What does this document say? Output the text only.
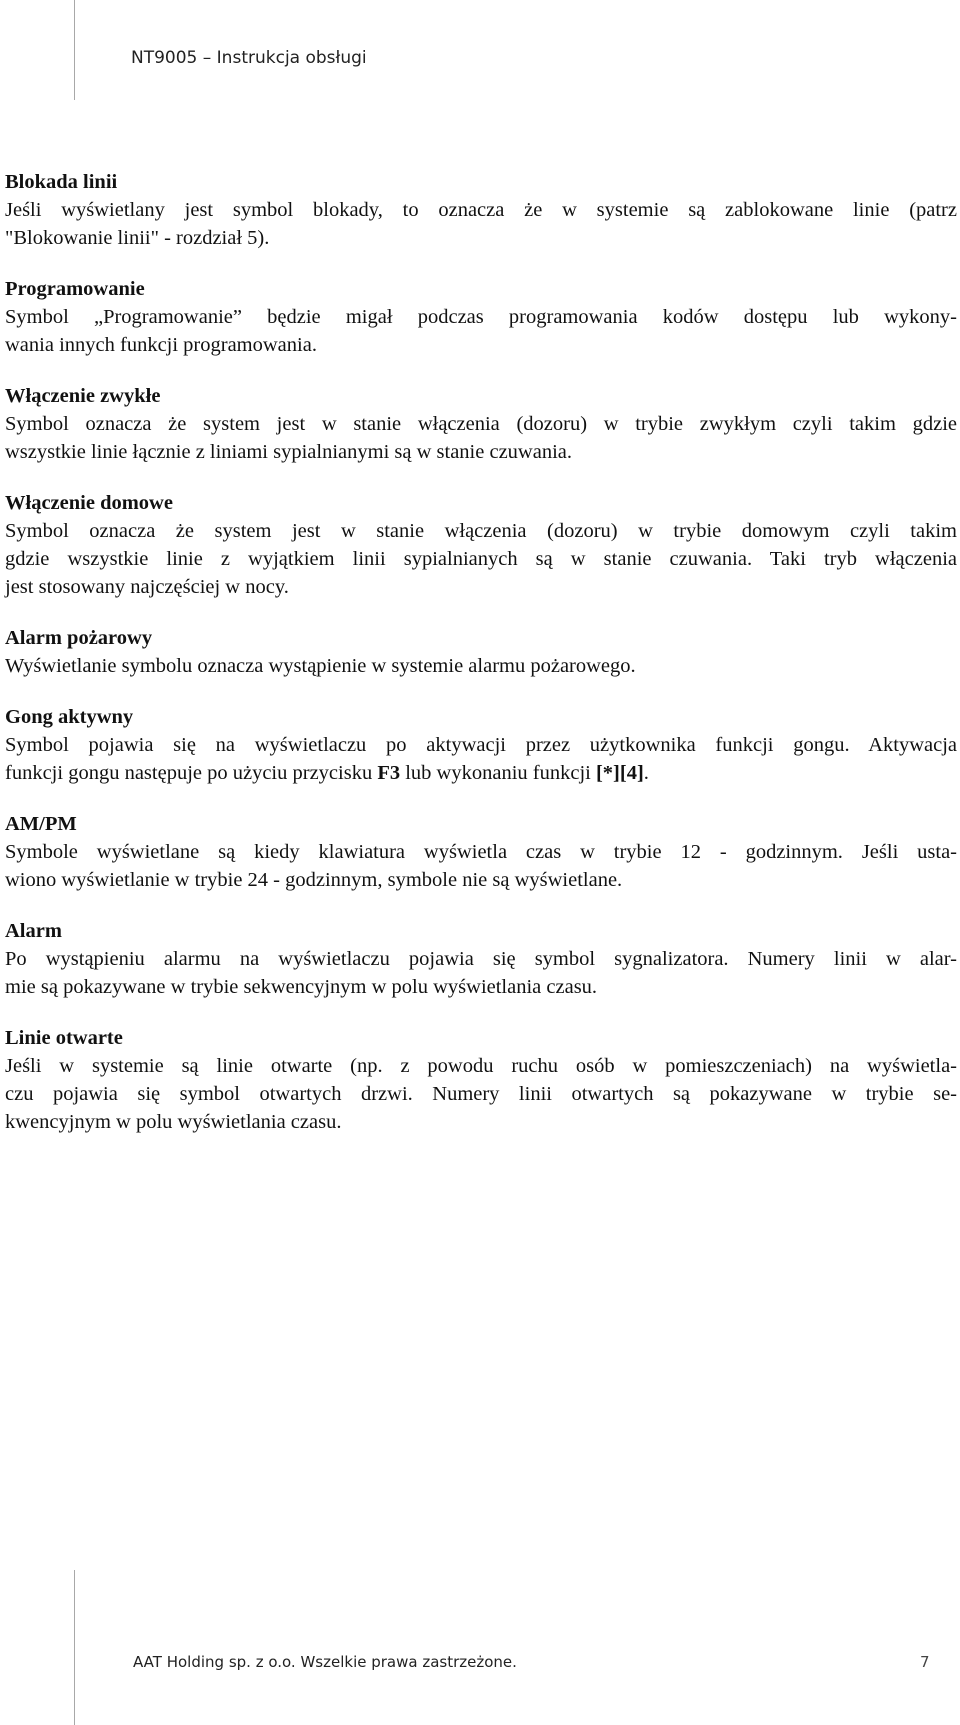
NT9005 – Instrukcja obsługi
Blokada linii
Jeśli wyświetlany jest symbol blokady, to oznacza że w systemie są zablokowane linie (patrz
"Blokowanie linii" - rozdział 5).
Programowanie
Symbol „Programowanie” będzie migał podczas programowania kodów dostępu lub wykony-
wania innych funkcji programowania.
Włączenie zwykłe
Symbol oznacza że system jest w stanie włączenia (dozoru) w trybie zwykłym czyli takim gdzie
wszystkie linie łącznie z liniami sypialnianymi są w stanie czuwania.
Włączenie domowe
Symbol oznacza że system jest w stanie włączenia (dozoru) w trybie domowym czyli takim
gdzie wszystkie linie z wyjątkiem linii sypialnianych są w stanie czuwania. Taki tryb włączenia
jest stosowany najczęściej w nocy.
Alarm pożarowy
Wyświetlanie symbolu oznacza wystąpienie w systemie alarmu pożarowego.
Gong aktywny
Symbol pojawia się na wyświetlaczu po aktywacji przez użytkownika funkcji gongu. Aktywacja
funkcji gongu następuje po użyciu przycisku F3 lub wykonaniu funkcji [*][4].
AM/PM
Symbole wyświetlane są kiedy klawiatura wyświetla czas w trybie 12 - godzinnym. Jeśli usta-
wiono wyświetlanie w trybie 24 - godzinnym, symbole nie są wyświetlane.
Alarm
Po wystąpieniu alarmu na wyświetlaczu pojawia się symbol sygnalizatora. Numery linii w alar-
mie są pokazywane w trybie sekwencyjnym w polu wyświetlania czasu.
Linie otwarte
Jeśli w systemie są linie otwarte (np. z powodu ruchu osób w pomieszczeniach) na wyświetla-
czu pojawia się symbol otwartych drzwi. Numery linii otwartych są pokazywane w trybie se-
kwencyjnym w polu wyświetlania czasu.
AAT Holding sp. z o.o. Wszelkie prawa zastrzeżone.	7
